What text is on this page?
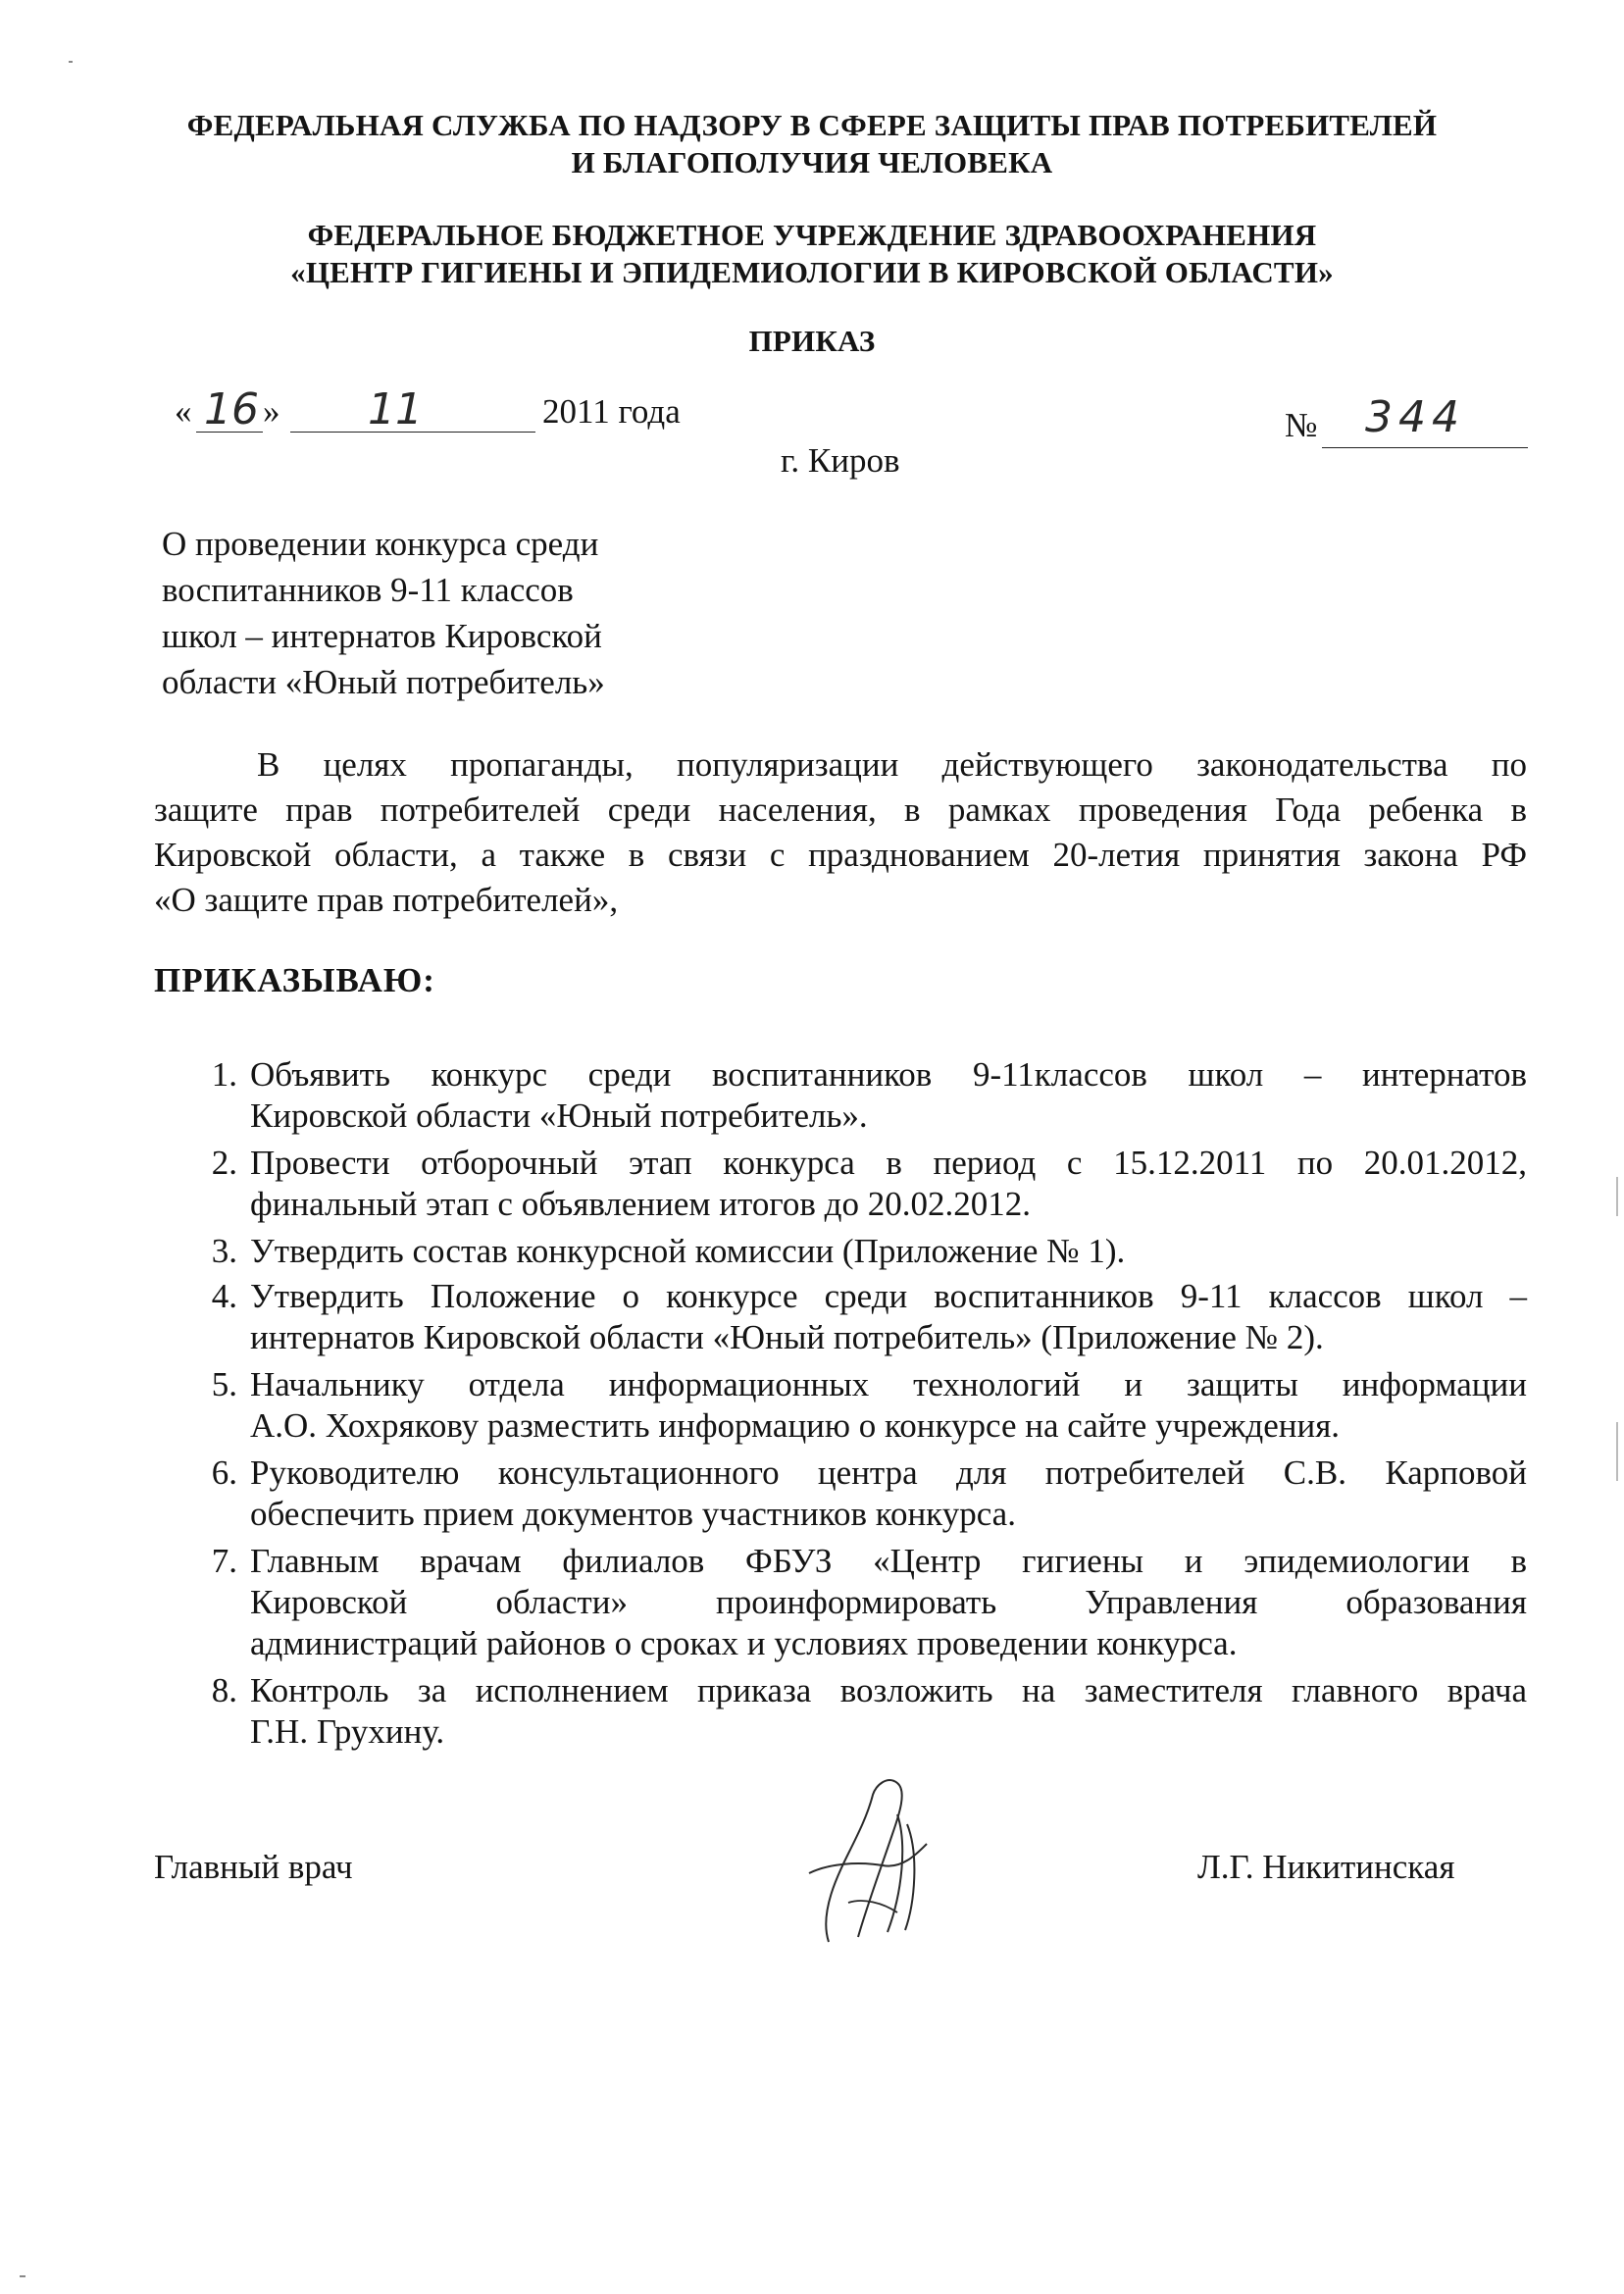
ФЕДЕРАЛЬНАЯ СЛУЖБА ПО НАДЗОРУ В СФЕРЕ ЗАЩИТЫ ПРАВ ПОТРЕБИТЕЛЕЙ
И БЛАГОПОЛУЧИЯ ЧЕЛОВЕКА
ФЕДЕРАЛЬНОЕ БЮДЖЕТНОЕ УЧРЕЖДЕНИЕ ЗДРАВООХРАНЕНИЯ
«ЦЕНТР ГИГИЕНЫ И ЭПИДЕМИОЛОГИИ В КИРОВСКОЙ ОБЛАСТИ»
ПРИКАЗ
« 16 » 11	2011 года	№ 344
г. Киров
О проведении конкурса среди
воспитанников 9-11 классов
школ – интернатов Кировской
области «Юный потребитель»
В целях пропаганды, популяризации действующего законодательства по
защите прав потребителей среди населения, в рамках проведения Года ребенка в
Кировской области, а также в связи с празднованием 20-летия принятия закона РФ
«О защите прав потребителей»,
ПРИКАЗЫВАЮ:
1. Объявить конкурс среди воспитанников 9-11классов школ – интернатов
Кировской области «Юный потребитель».
2. Провести отборочный этап конкурса в период с 15.12.2011 по 20.01.2012,
финальный этап с объявлением итогов до 20.02.2012.
3. Утвердить состав конкурсной комиссии (Приложение № 1).
4. Утвердить Положение о конкурсе среди воспитанников 9-11 классов школ –
интернатов Кировской области «Юный потребитель» (Приложение № 2).
5. Начальнику отдела информационных технологий и защиты информации
А.О. Хохрякову разместить информацию о конкурсе на сайте учреждения.
6. Руководителю консультационного центра для потребителей С.В. Карповой
обеспечить прием документов участников конкурса.
7. Главным врачам филиалов ФБУЗ «Центр гигиены и эпидемиологии в
Кировской области» проинформировать Управления образования
администраций районов о сроках и условиях проведении конкурса.
8. Контроль за исполнением приказа возложить на заместителя главного врача
Г.Н. Грухину.
Главный врач	Л.Г. Никитинская
